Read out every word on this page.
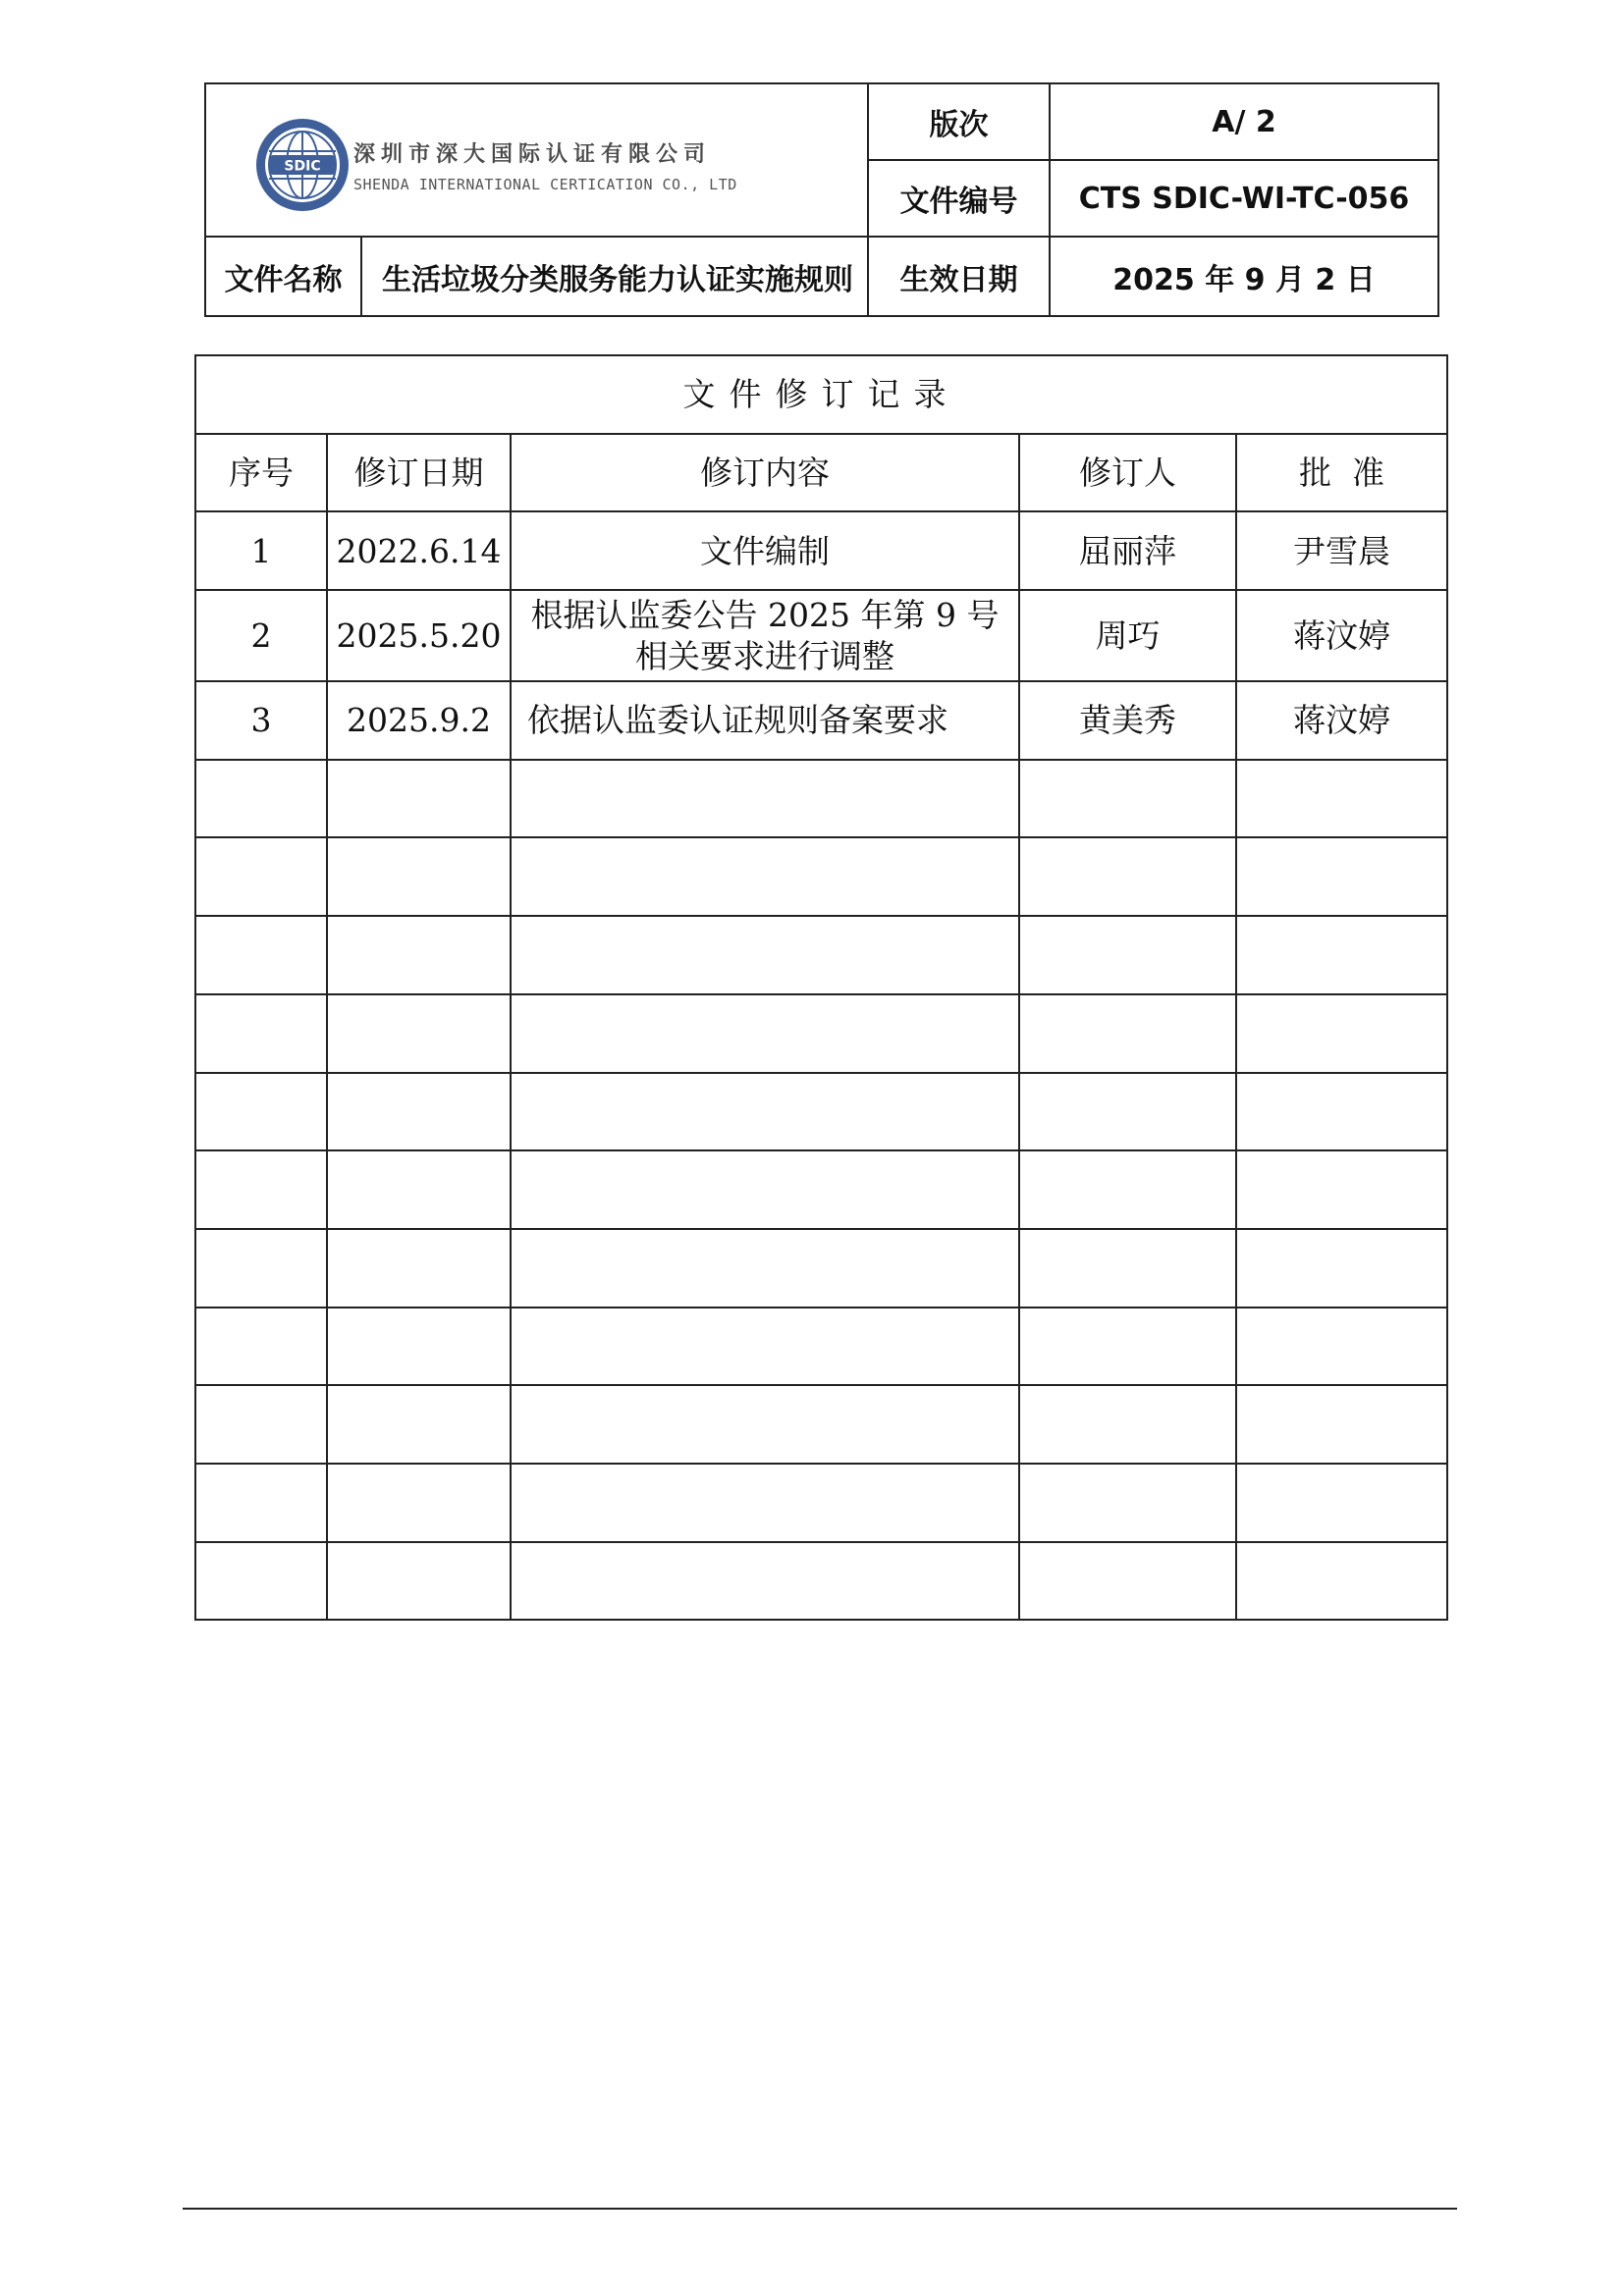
SDIC 深圳市深大国际认证有限公司
SHENDA INTERNATIONAL CERTICATION CO., LTD		版次	A/ 2
		文件编号	CTS SDIC-WI-TC-056
文件名称	生活垃圾分类服务能力认证实施规则	生效日期	2025 年 9 月 2 日
文件修订记录				
序号	修订日期	修订内容	修订人	批  准
1	2022.6.14	文件编制	屈丽萍	尹雪晨
2	2025.5.20	根据认监委公告 2025 年第 9 号相关要求进行调整	周巧	蒋汶婷
3	2025.9.2	依据认监委认证规则备案要求	黄美秀	蒋汶婷
